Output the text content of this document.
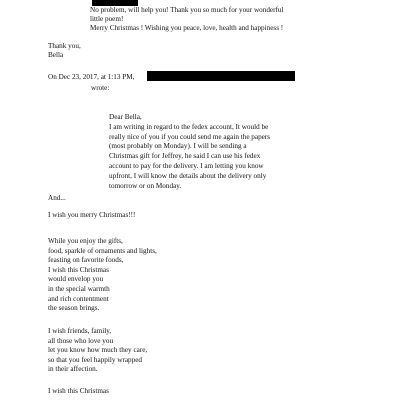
No problem, will help you! Thank you so much for your wonderful
little poem!
Merry Christmas ! Wishing you peace, love, health and happiness !
Thank you,
Bella
On Dec 23, 2017, at 1:13 PM,
wrote:
Dear Bella,
I am writing in regard to the fedex account, It would be
really nice of you if you could send me again the papers
(most probably on Monday). I will be sending a
Christmas gift for Jeffrey, he said I can use his fedex
account to pay for the delivery. I am letting you know
upfront, I will know the details about the delivery only
tomorrow or on Monday.
And...
I wish you merry Christmas!!!
While you enjoy the gifts,
food, sparkle of ornaments and lights,
feasting on favorite foods,
I wish this Christmas
would envelop you
in the special warmth
and rich contentment
the season brings.
I wish friends, family,
all those who love you
let you know how much they care,
so that you feel happily wrapped
in their affection.
I wish this Christmas
